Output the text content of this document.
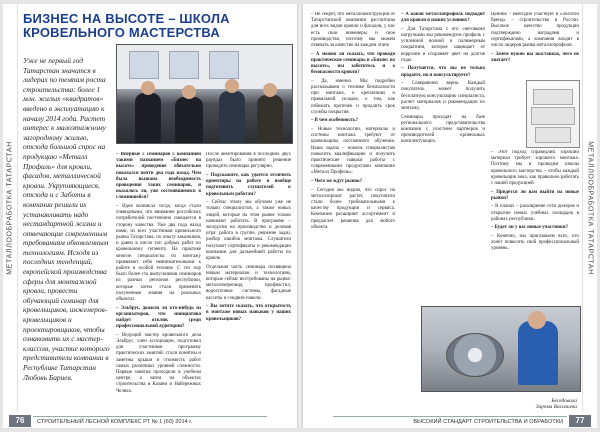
МЕТАЛЛООБРАБОТКА ТАТАРСТАН
БИЗНЕС НА ВЫСОТЕ – ШКОЛА КРОВЕЛЬНОГО МАСТЕРСТВА

Уже не первый год Татарстан значится в лидерах по темпам роста строительства: более 1 млн. жилых «квадратов» введено в эксплуатацию к началу 2014 года. Растет интерес к малоэтажному загородному жилью, отсюда большой спрос на продукцию «Металл Профиль» для кровли, фасадов, металлической кровли. Укрупняющиеся, отсюда и с Заботы в компании решили их устанавливать надо нестандартной жизни и отвечающие современным требованиям обновленным технологиям. Исходя из последних тенденций, европейской производства сферы для монтажной кровли, провести обучающий семинар для кровельщиков, инженеров-кровельщиков и проектировщиков, чтобы ознакомить их с мастер-классом, участие которого представители компании в Республике Татарстан Любовь Бариев.

– Впервые с семинаров с компанией такими названием «Бизнес на высоте» проведение обязательно показался почти два года назад. Чем была вызвана необходимость проведения таких семинаров, и оказалось ли, уже состоявшимися в сложившейся?

– Идея возникла тогда, когда стали очевидными, что внимание российских потребителей постепенно смещается в сторону качества. Уже два года назад нами, из всех участников кровельного рынка Татарстана, по опыту заказчиков, и давно в число топ добрых работ по кровельному сегменту. На практике многие специалисты по монтажу проявляют себя невнимательными к работе в особой технике. С тех пор было более ста выпускников семинаров из разных регионов республики, которые затем стали применять полученные знания на реальных объектах.

– Эльбрус, дожили ли кто-нибудь из организаторов, что инициатива найдет отклик среди профессиональной аудитории?

– Ведущий мастер кровельного дела Эльбрус, член ассоциации, подготовил для участников программу практических занятий: стали понятны и заметны крыши и стоимость работ самых различных уровней сложности. Первые занятия проходили в учебном центре, а затем на объектах строительства в Казани и Набережных Челнах.

После анкетирования в последних двух раундах было принято решение проводить семинары регулярно.

– Подскажите, как удается отличить ориентиры на работе и вообще подготовить слушателей к кровельным работам?

– Сейчас этому мы обучаем уже не только специалистов, а также новых людей, которые на этом рынке только начинают работать. В программе – экскурсия на производство и деловая игра: работа в группе, решение задач, разбор ошибок монтажа. Слушатели получают сертификаты и рекомендации компании для дальнейшей работы по кровле.

Отдельная часть семинара посвящена новым материалам и технологиям, которые сейчас востребованы на рынке: металлочерепица, профнастил, водосточные системы, фасадные кассеты и сэндвич-панели.

– Вы хотите сказать, что открытость в монтаже новых навыков у наших кровельщиков?

76	СТРОИТЕЛЬНЫЙ ЛЕСНОЙ КОМПЛЕКС РТ № 1 (60) 2014 г.
МЕТАЛЛООБРАБОТКА ТАТАРСТАН

– Не секрет, что металлоконструкции от Татарстанской компании рассчитаны для всех видов кровли и фасадов, у нас есть свои инженеры и свое производство, поэтому мы можем отвечать за качество на каждом этапе.

– А можно ли сказать, что проводя практические семинары в «Бизнес на высоте», вы заботитесь и о безопасности кровли?

– Да, именно. Мы подробно рассказываем о технике безопасности при монтаже, о креплениях и правильной укладке, о том, как избежать протечек и продлить срок службы покрытия.

– В чем особенность?

– Новые технологии, материалы и системы монтажа требуют от кровельщика постоянного обучения. Наша задача – помочь специалистам повысить квалификацию и получить практические навыки работы с современными продуктами компании «Металл Профиль».

– Чего же ждут рынок?

– Сегодня мы видим, что спрос на металлопрокат растет, покупатели стали более требовательными к качеству продукции и сервиса. Компания расширяет ассортимент и предлагает решения для любого объекта.

– А какой металлопрофиль подходит для кровли в наших условиях?

– Для Татарстана с его снеговыми нагрузками мы рекомендуем профиль с усиленной волной и полимерным покрытием, которое защищает от коррозии и сохраняет цвет на долгие годы.

– Получается, что вы не только продаете, но и консультируете?

– Совершенно верно. Каждый покупатель может получить бесплатную консультацию специалиста, расчет материалов и рекомендации по монтажу.

Семинары проходят на базе регионального представительства компании с участием партнеров и производителей кровельных комплектующих.

Ценник – ежегодно участвует в «Золотой бренд» – строительство в России. Высокое качество продукции подтверждено наградами и сертификатами, а компания входит в число лидеров рынка металлопрофиля.

– Зачем нужно вы выставках, чего не хватает?

– Этот подход справедлив: хороший материал требует хорошего монтажа. Поэтому мы и проводим школы кровельного мастерства – чтобы каждый кровельщик знал, как правильно работать с нашей продукцией.

– Придется ли вам выйти на новые рынки?

– В планах – расширение сети дилеров и открытие новых учебных площадок в районах республики.

– Будет ли у вас новые участники?

– Конечно, мы приглашаем всех, кто хочет повысить свой профессиональный уровень.

Беседовала
Зарема Васильева
ВЫСОКИЙ СТАНДАРТ СТРОИТЕЛЬСТВА И ОБРАБОТКИ	77
